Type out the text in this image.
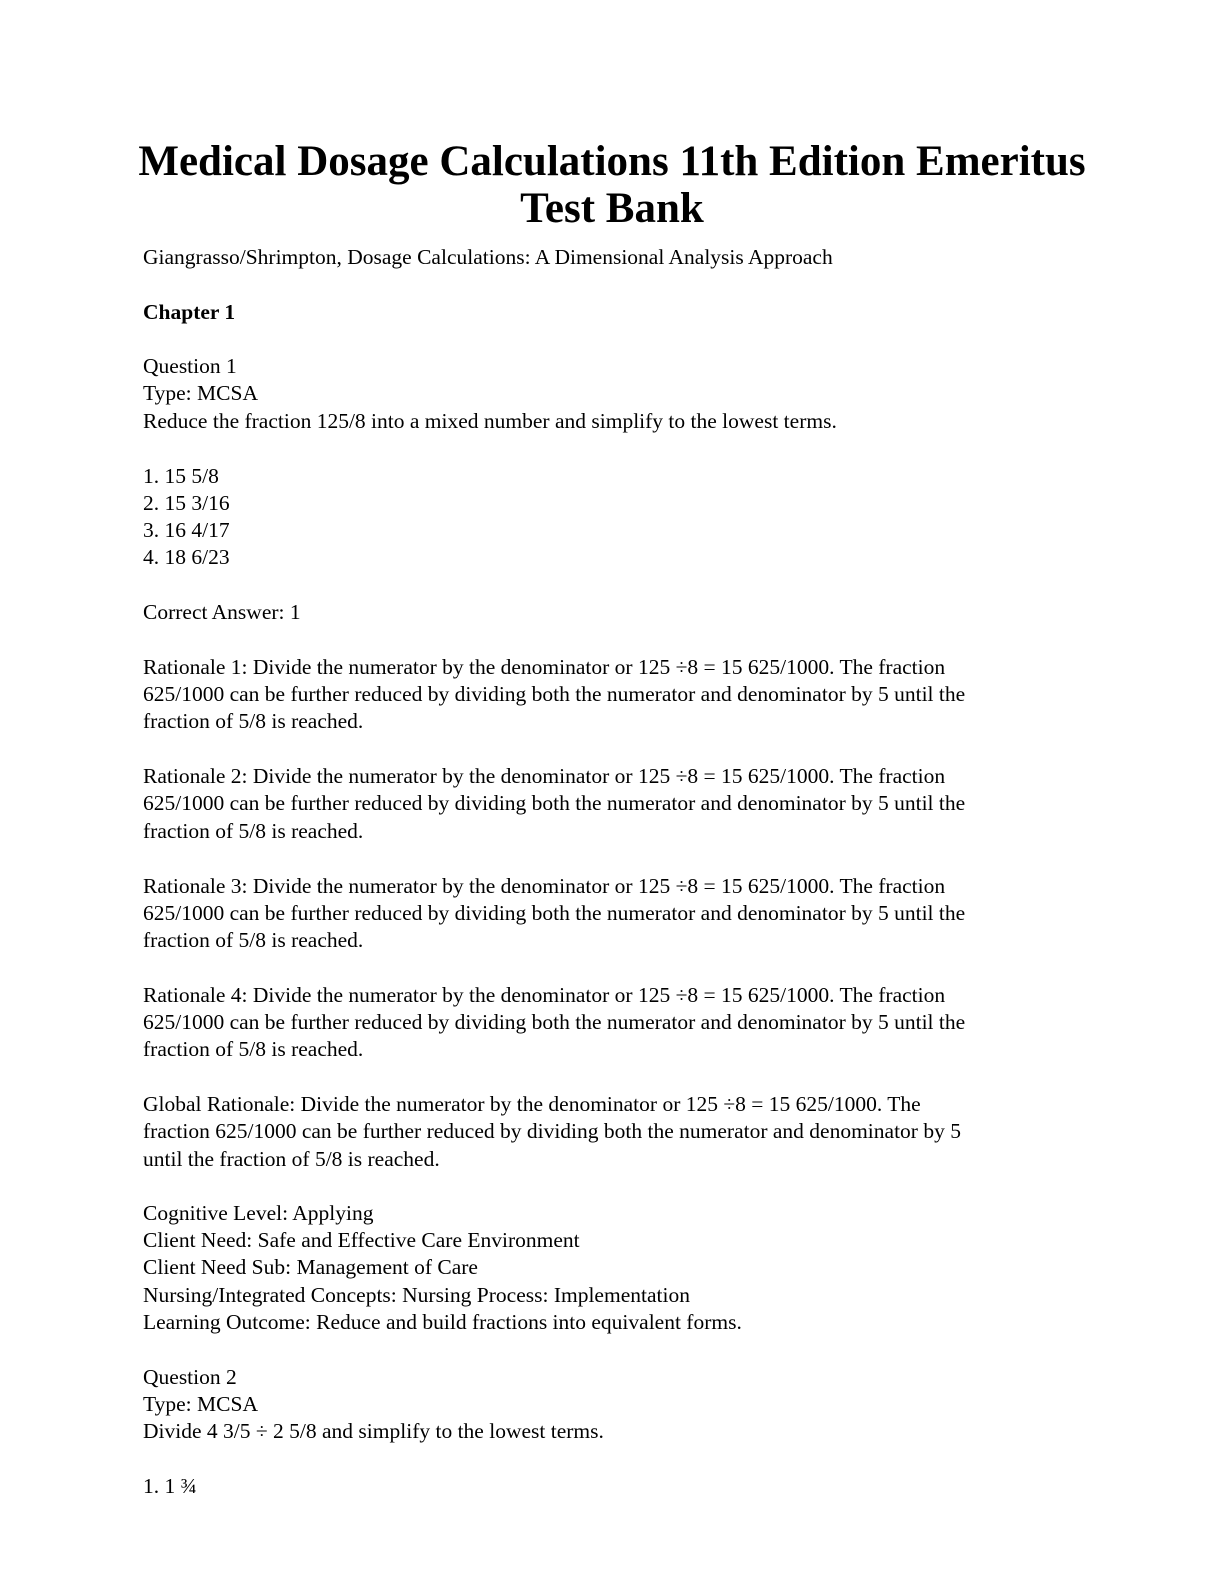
Medical Dosage Calculations 11th Edition Emeritus
Test Bank
Giangrasso/Shrimpton, Dosage Calculations: A Dimensional Analysis Approach
Chapter 1
Question 1
Type: MCSA
Reduce the fraction 125/8 into a mixed number and simplify to the lowest terms.
1. 15 5/8
2. 15 3/16
3. 16 4/17
4. 18 6/23
Correct Answer: 1
Rationale 1: Divide the numerator by the denominator or 125 ÷8 = 15 625/1000. The fraction
625/1000 can be further reduced by dividing both the numerator and denominator by 5 until the
fraction of 5/8 is reached.
Rationale 2: Divide the numerator by the denominator or 125 ÷8 = 15 625/1000. The fraction
625/1000 can be further reduced by dividing both the numerator and denominator by 5 until the
fraction of 5/8 is reached.
Rationale 3: Divide the numerator by the denominator or 125 ÷8 = 15 625/1000. The fraction
625/1000 can be further reduced by dividing both the numerator and denominator by 5 until the
fraction of 5/8 is reached.
Rationale 4: Divide the numerator by the denominator or 125 ÷8 = 15 625/1000. The fraction
625/1000 can be further reduced by dividing both the numerator and denominator by 5 until the
fraction of 5/8 is reached.
Global Rationale: Divide the numerator by the denominator or 125 ÷8 = 15 625/1000. The
fraction 625/1000 can be further reduced by dividing both the numerator and denominator by 5
until the fraction of 5/8 is reached.
Cognitive Level: Applying
Client Need: Safe and Effective Care Environment
Client Need Sub: Management of Care
Nursing/Integrated Concepts: Nursing Process: Implementation
Learning Outcome: Reduce and build fractions into equivalent forms.
Question 2
Type: MCSA
Divide 4 3/5 ÷ 2 5/8 and simplify to the lowest terms.
1. 1 ¾
